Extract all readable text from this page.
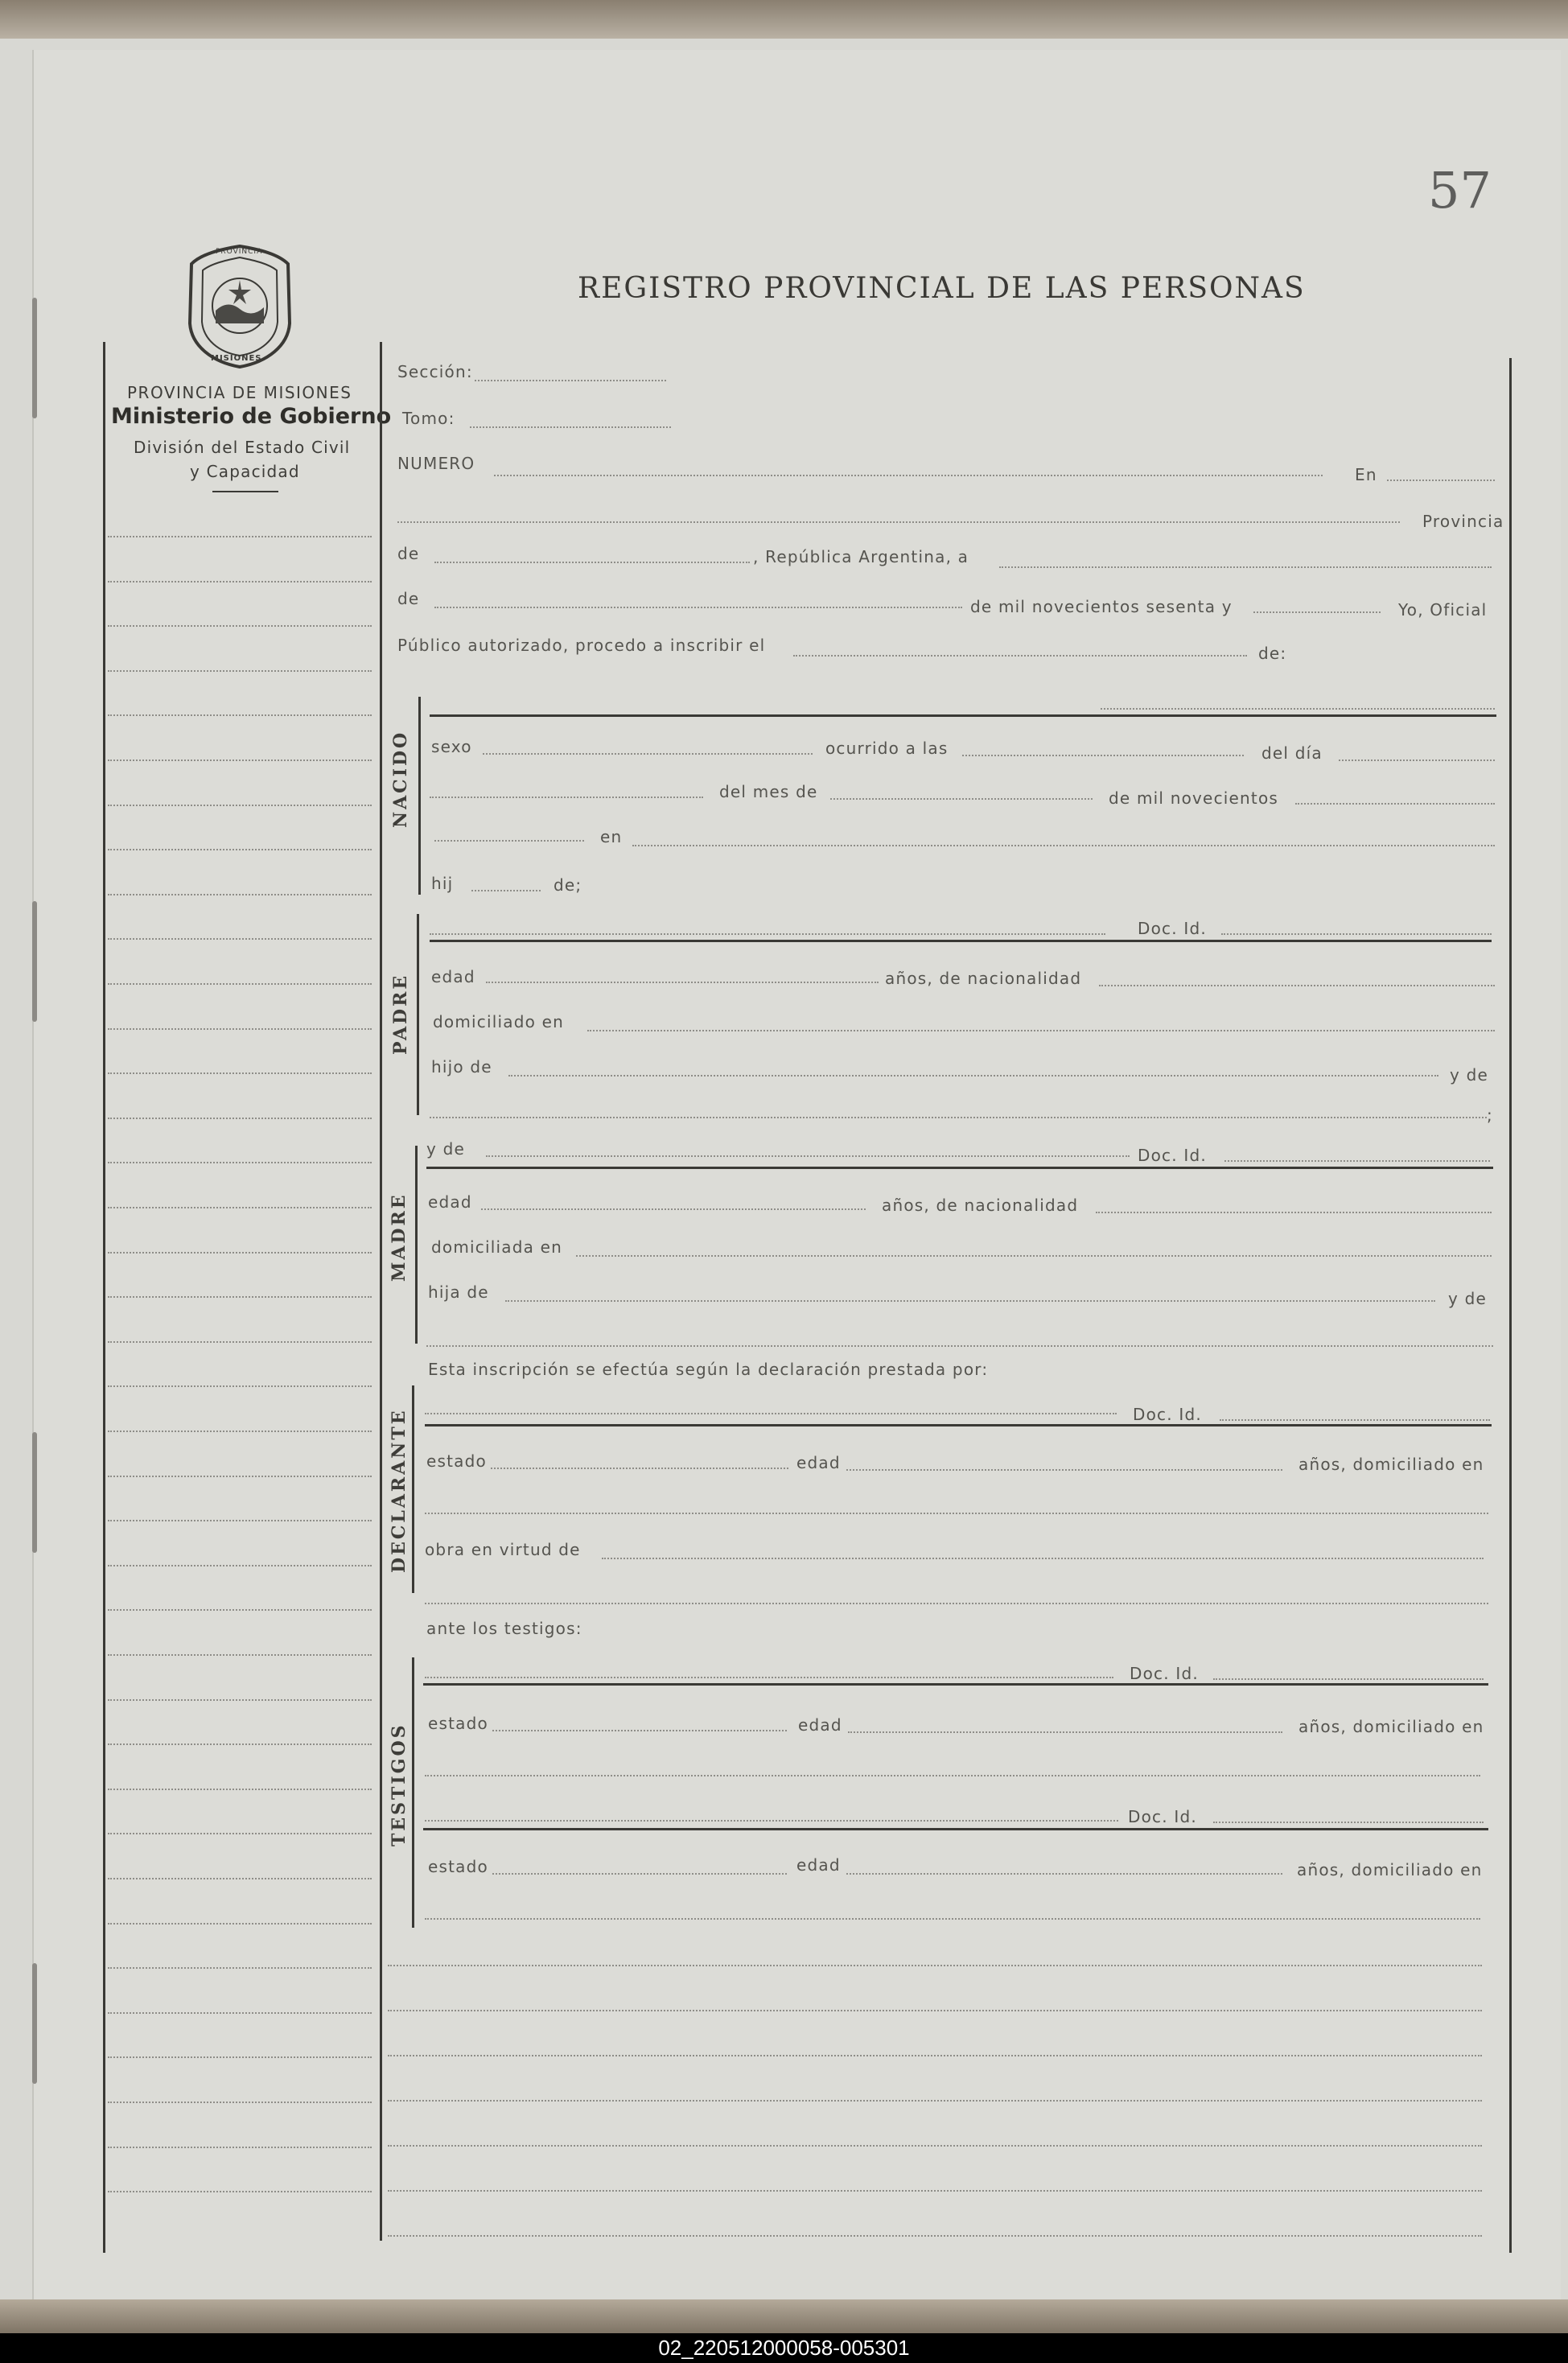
57
REGISTRO PROVINCIAL DE LAS PERSONAS
PROVINCIA
MISIONES
PROVINCIA DE MISIONES
Ministerio de Gobierno
División del Estado Civil
y Capacidad
Sección:
Tomo:
NUMERO
En
Provincia
de	, República Argentina, a
de	de mil novecientos sesenta y	Yo, Oficial
Público autorizado, procedo a inscribir el	de:
NACIDO sexo	ocurrido a las	del día
del mes de	de mil novecientos
en
hij	de;
PADRE
Doc. Id.
edad	años, de nacionalidad
domiciliado en
hijo de	y de
;
MADRE
y de	Doc. Id.
edad	años, de nacionalidad
domiciliada en
hija de	y de
Esta inscripción se efectúa según la declaración prestada por:
DECLARANTE	Doc. Id.
estado	edad	años, domiciliado en
obra en virtud de
ante los testigos:
TESTIGOS
Doc. Id.
estado	edad	años, domiciliado en
Doc. Id.
estado	edad	años, domiciliado en
02_220512000058-005301
